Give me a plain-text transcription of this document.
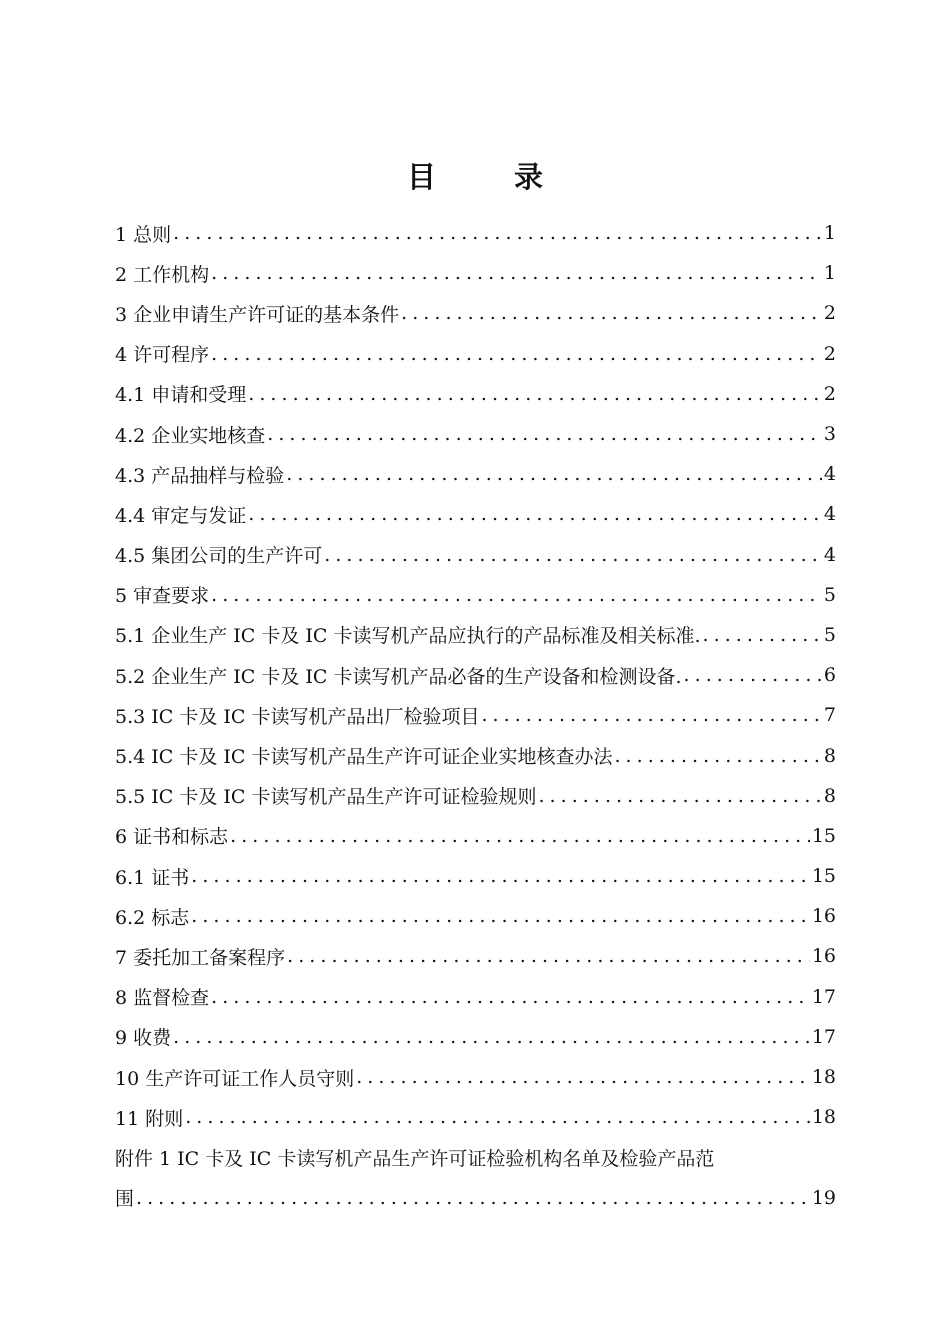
目 录
1 总则 . . .	1
2 工作机构 . . .	1
3 企业申请生产许可证的基本条件 . . .	2
4 许可程序 . . .	2
4.1 申请和受理 . . .	2
4.2 企业实地核查 . . .	3
4.3 产品抽样与检验 . . .	4
4.4 审定与发证 . . .	4
4.5 集团公司的生产许可 . . .	4
5 审查要求 . . .	5
5.1 企业生产 IC 卡及 IC 卡读写机产品应执行的产品标准及相关标准. . . .	5
5.2 企业生产 IC 卡及 IC 卡读写机产品必备的生产设备和检测设备. . . .	6
5.3 IC 卡及 IC 卡读写机产品出厂检验项目 . . .	7
5.4 IC 卡及 IC 卡读写机产品生产许可证企业实地核查办法 . . .	8
5.5 IC 卡及 IC 卡读写机产品生产许可证检验规则 . . .	8
6 证书和标志 . . .	15
6.1 证书 . . .	15
6.2 标志 . . .	16
7 委托加工备案程序 . . .	16
8 监督检查 . . .	17
9 收费 . . .	17
10 生产许可证工作人员守则 . . .	18
11 附则 . . .	18
附件 1 IC 卡及 IC 卡读写机产品生产许可证检验机构名单及检验产品范
围 . . .	19
